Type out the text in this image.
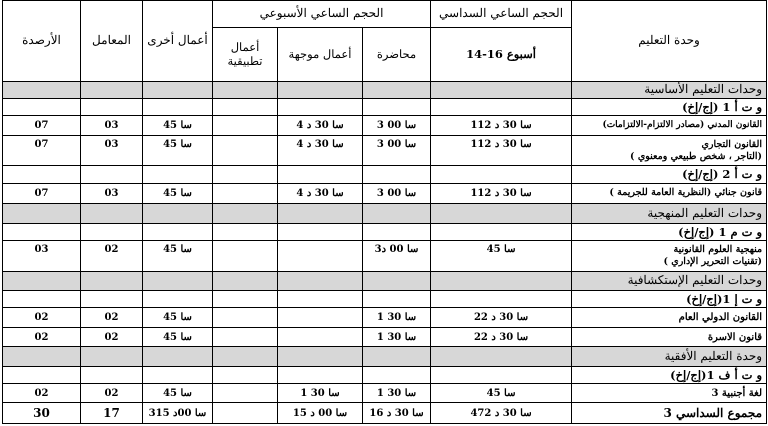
الأرصدة	المعامل	أعمال أخرى	الحجم الساعي الأسبوعي			الحجم الساعي السداسي	وحدة التعليم
			أعمال تطبيقية	أعمال موجهة	محاضرة	14-16 أسبوع	
							وحدات التعليم الأساسية
							و ت أ 1 (إج/إخ)
07	03	45 سا		4 سا 30 د	3 سا 00	112 سا 30 د	القانون المدني (مصادر الالتزام-الالتزامات)
07	03	45 سا		4 سا 30 د	3 سا 00	112 سا 30 د	القانون التجاري
(التاجر ، شخص طبيعي ومعنوي )

							و ت أ 2 (إج/إخ)
07	03	45 سا		4 سا 30 د	3 سا 00	112 سا 30 د	قانون جنائي (النظرية العامة للجريمة )
							وحدات التعليم المنهجية
							و ت م 1 (إج/إخ)
03	02	45 سا			3سا 00 د	45 سا	منهجية العلوم القانونية
(تقنيات التحرير الإداري )

							وحدات التعليم الإستكشافية
							و ت إ 1(إج/إخ)
02	02	45 سا			1 سا 30	22 سا 30 د	القانون الدولي العام
02	02	45 سا			1 سا 30	22 سا 30 د	قانون الاسرة
							وحدة التعليم الأفقية
							و ت أ ف 1(إج/إخ)
02	02	45 سا		1 سا 30	1 سا 30	45 سا	لغة أجنبية 3
30	17	315 سا 00د		15 سا 00 د	16 سا 30 د	472 سا 30 د	مجموع السداسي 3
